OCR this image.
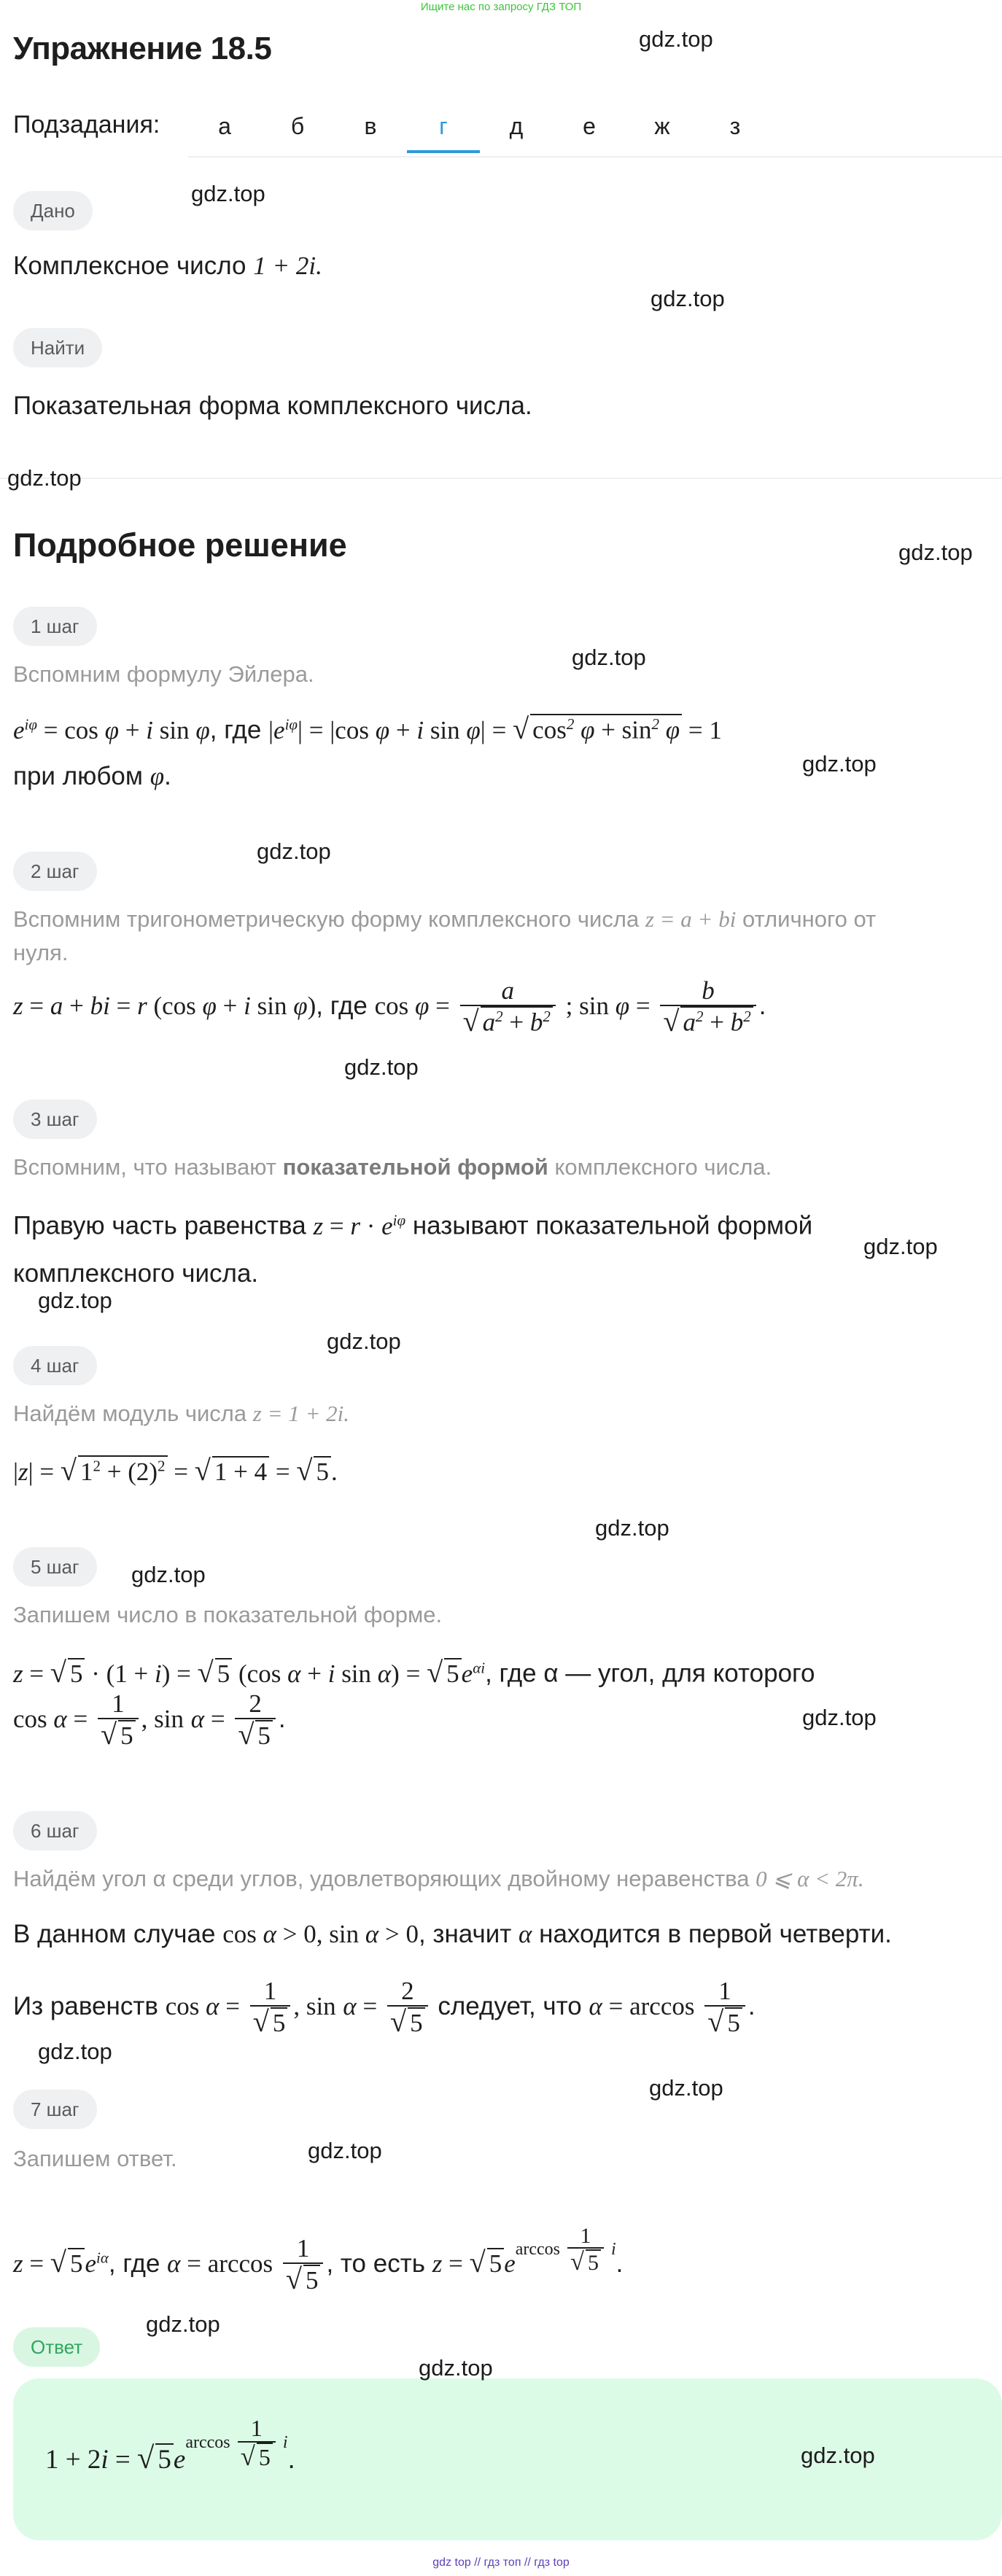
Ищите нас по запросу ГДЗ ТОП
Упражнение 18.5
Подзадания:	а	б	в	г	д	е	ж	з
Дано
Комплексное число 1 + 2i.
Найти
Показательная форма комплексного числа.
Подробное решение
1 шаг
Вспомним формулу Эйлера.
$e^{i\varphi} = \cos \varphi + i$ sin φ, где $|e^{i\varphi}| = |\cos$ φ + i sin φ| = √ $\cos^2 \varphi + \sin^2 \varphi = 1$
при любом φ.
2 шаг
Вспомним тригонометрическую форму комплексного числа z = a + bi отличного от
нуля.
z = a + bi = r (cos φ + i sin φ), где $\cos \varphi = \frac{a}{√ a^2 + b^2}$ ; $\sin \varphi = \frac{b}{√ a^2 + b^2}$ .
3 шаг
Вспомним, что называют показательной формой комплексного числа.
Правую часть равенства $z = r \cdot e^{i\varphi}$ называют показательной формой
комплексного числа.
4 шаг
Найдём модуль числа z = 1 + 2i.
|z| = √ $1^2 + (2)^2$ = √ 1 + 4 = √ 5.
5 шаг
Запишем число в показательной форме.
z = √ 5 · (1 + i) = √ 5 (cos α + i sin α) = √ $5e^{\alpha i}$, где α — угол, для которого
$\cos \alpha = \frac{1}{√ 5}$ , $\sin \alpha = \frac{2}{√ 5}$ .
6 шаг
Найдём угол α среди углов, удовлетворяющих двойному неравенства 0 ⩽ α < 2π.
В данном случае cos α > 0, sin α > 0, значит α находится в первой четверти.
Из равенств $\cos \alpha = \frac{1}{√ 5}$ , $\sin \alpha = \frac{2}{√ 5}$ следует, что $\alpha = \arccos \frac{1}{√ 5}$ .
7 шаг
Запишем ответ.
z = √ $5e^{i\alpha}$, где $\alpha = \arccos \frac{1}{√ 5}$ , то есть z = √ $5earccos \frac{1}{√ 5} i$.
Ответ
1 + 2i = √ $5earccos \frac{1}{√ 5} i$.
gdz.top
gdz.top
gdz.top
gdz.top
gdz.top
gdz.top
gdz.top
gdz.top
gdz.top
gdz.top
gdz.top
gdz.top
gdz.top
gdz.top
gdz.top
gdz.top
gdz.top
gdz.top
gdz.top
gdz.top
gdz.top
gdz top // гдз топ // гдз top
